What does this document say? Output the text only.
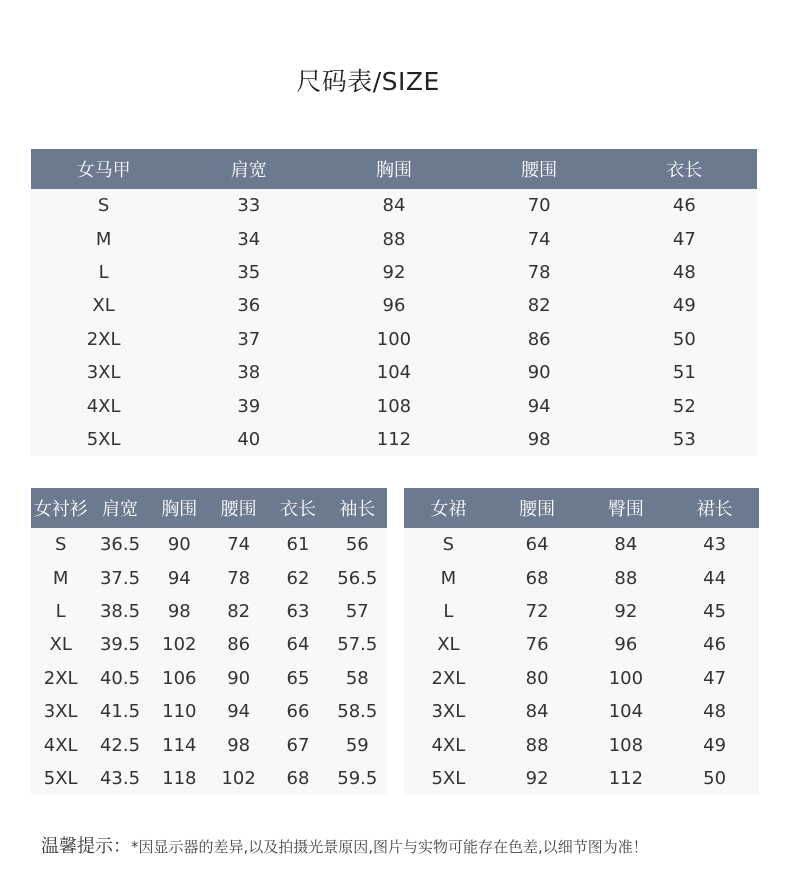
尺码表/SIZE
女马甲	肩宽	胸围	腰围	衣长
S	33	84	70	46
M	34	88	74	47
L	35	92	78	48
XL	36	96	82	49
2XL	37	100	86	50
3XL	38	104	90	51
4XL	39	108	94	52
5XL	40	112	98	53
女衬衫	肩宽	胸围	腰围	衣长	袖长
S	36.5	90	74	61	56
M	37.5	94	78	62	56.5
L	38.5	98	82	63	57
XL	39.5	102	86	64	57.5
2XL	40.5	106	90	65	58
3XL	41.5	110	94	66	58.5
4XL	42.5	114	98	67	59
5XL	43.5	118	102	68	59.5
女裙	腰围	臀围	裙长
S	64	84	43
M	68	88	44
L	72	92	45
XL	76	96	46
2XL	80	100	47
3XL	84	104	48
4XL	88	108	49
5XL	92	112	50
温馨提示：*因显示器的差异,以及拍摄光景原因,图片与实物可能存在色差,以细节图为准！
